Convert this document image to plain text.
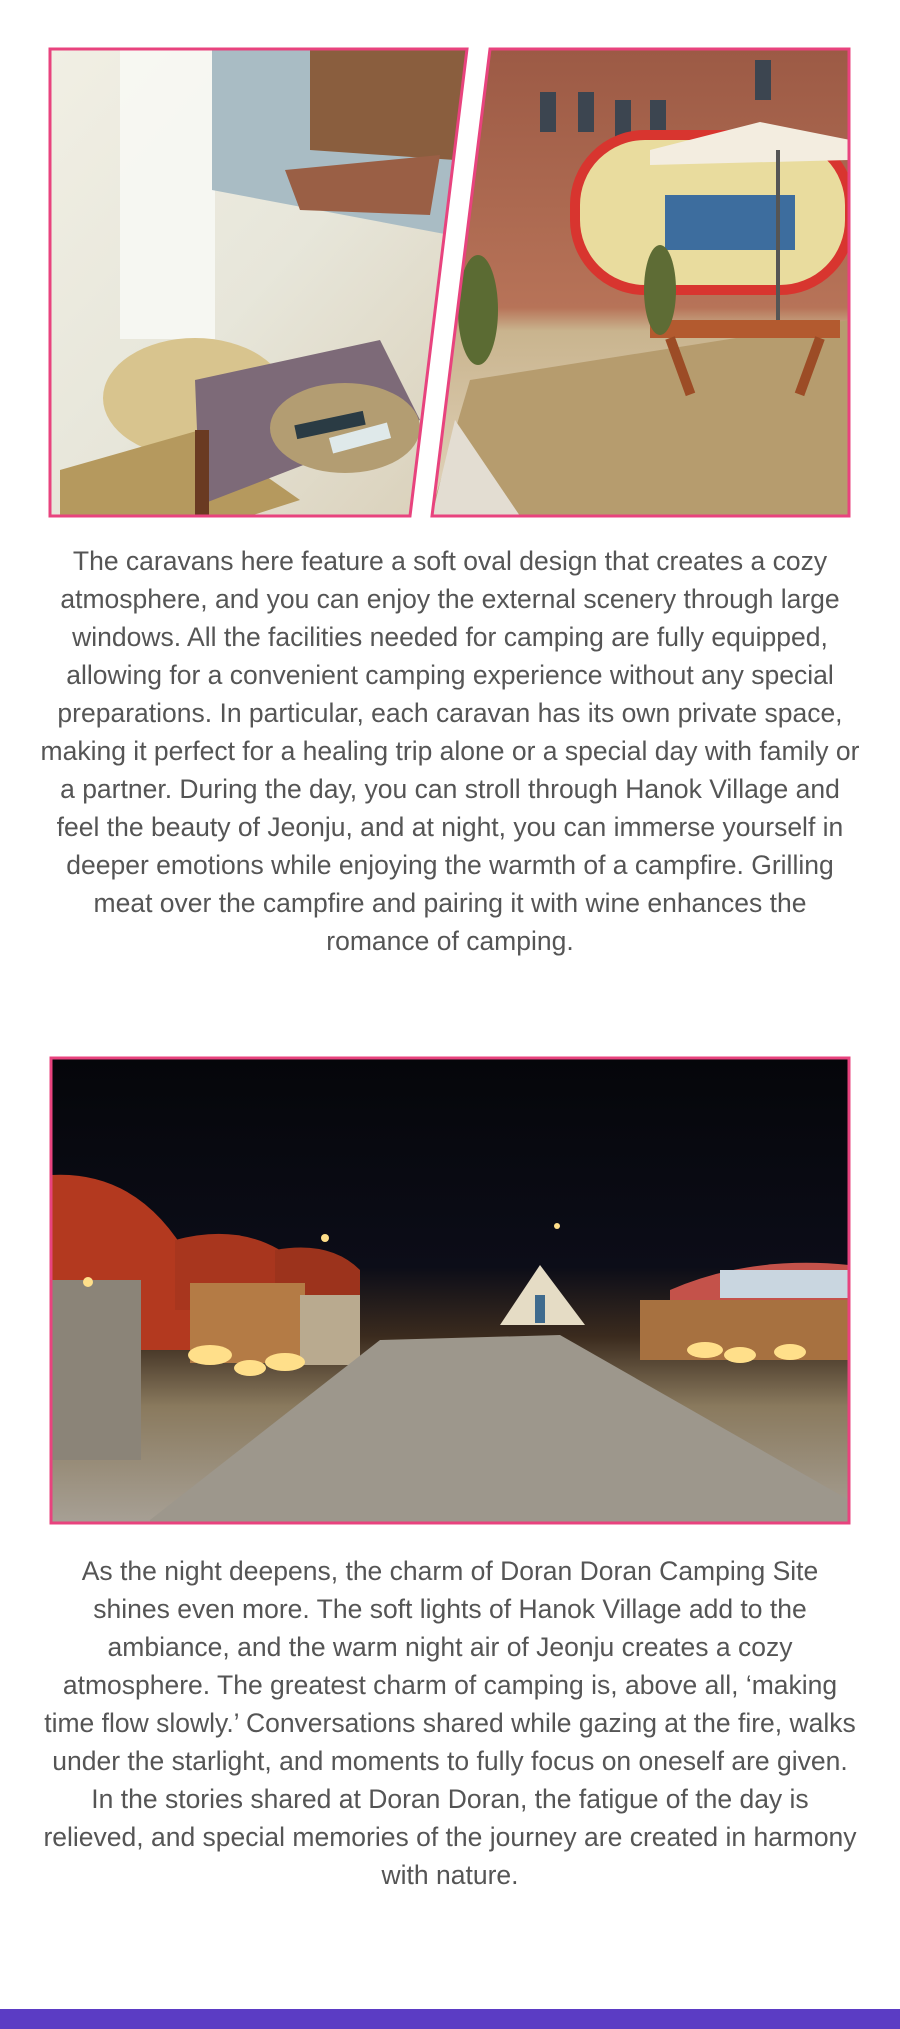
The caravans here feature a soft oval design that creates a cozy atmosphere, and you can enjoy the external scenery through large windows. All the facilities needed for camping are fully equipped, allowing for a convenient camping experience without any special preparations. In particular, each caravan has its own private space, making it perfect for a healing trip alone or a special day with family or a partner. During the day, you can stroll through Hanok Village and feel the beauty of Jeonju, and at night, you can immerse yourself in deeper emotions while enjoying the warmth of a campfire. Grilling meat over the campfire and pairing it with wine enhances the romance of camping.

As the night deepens, the charm of Doran Doran Camping Site shines even more. The soft lights of Hanok Village add to the ambiance, and the warm night air of Jeonju creates a cozy atmosphere. The greatest charm of camping is, above all, ‘making time flow slowly.’ Conversations shared while gazing at the fire, walks under the starlight, and moments to fully focus on oneself are given. In the stories shared at Doran Doran, the fatigue of the day is relieved, and special memories of the journey are created in harmony with nature.
